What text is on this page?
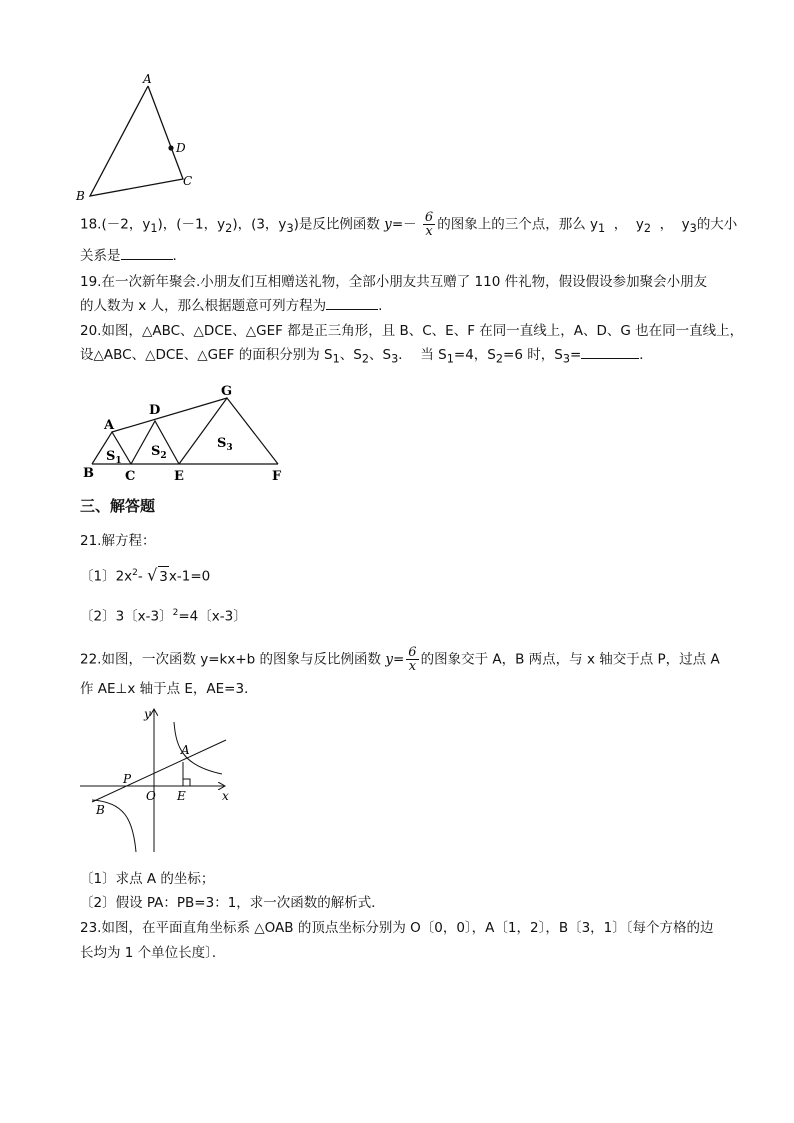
A
B
C
D
18.(－2，$y_1$)，(－1，$y_2$)，(3，$y_3$)是反比例函数 $y=- \frac{6}{x}$ 的图象上的三个点，那么 $y_1$  ，  $y_2$  ，  $y_3$的大小
关系是	.
19.在一次新年聚会.小朋友们互相赠送礼物，全部小朋友共互赠了 110 件礼物，假设假设参加聚会小朋友
的人数为 x 人，那么根据题意可列方程为	.
20.如图，△ABC、△DCE、△GEF 都是正三角形，且 B、C、E、F 在同一直线上，A、D、G 也在同一直线上，
设△ABC、△DCE、△GEF 的面积分别为 $S_1$、$S_2$、$S_3$．  当 $S_1=4$，$S_2=6$ 时，$S_3=$	．
A
B C
D
E	F
G
$S_1$
$S_2$
$S_3$
三、解答题
21.解方程：
〔1〕$2x^2-$ √ 3x-1=0
〔2〕3〔x-3〕$^2$=4〔x-3〕
22.如图，一次函数 y=kx+b 的图象与反比例函数 $y= \frac{6}{x}$ 的图象交于 A，B 两点，与 x 轴交于点 P，过点 A
作 AE⊥x 轴于点 E，AE=3．
y
x
A
B
P
O E
〔1〕求点 A 的坐标；
〔2〕假设 PA：PB=3：1，求一次函数的解析式．
23.如图，在平面直角坐标系 △OAB 的顶点坐标分别为 O〔0，0〕，A〔1，2〕，B〔3，1〕〔每个方格的边
长均为 1 个单位长度〕．
